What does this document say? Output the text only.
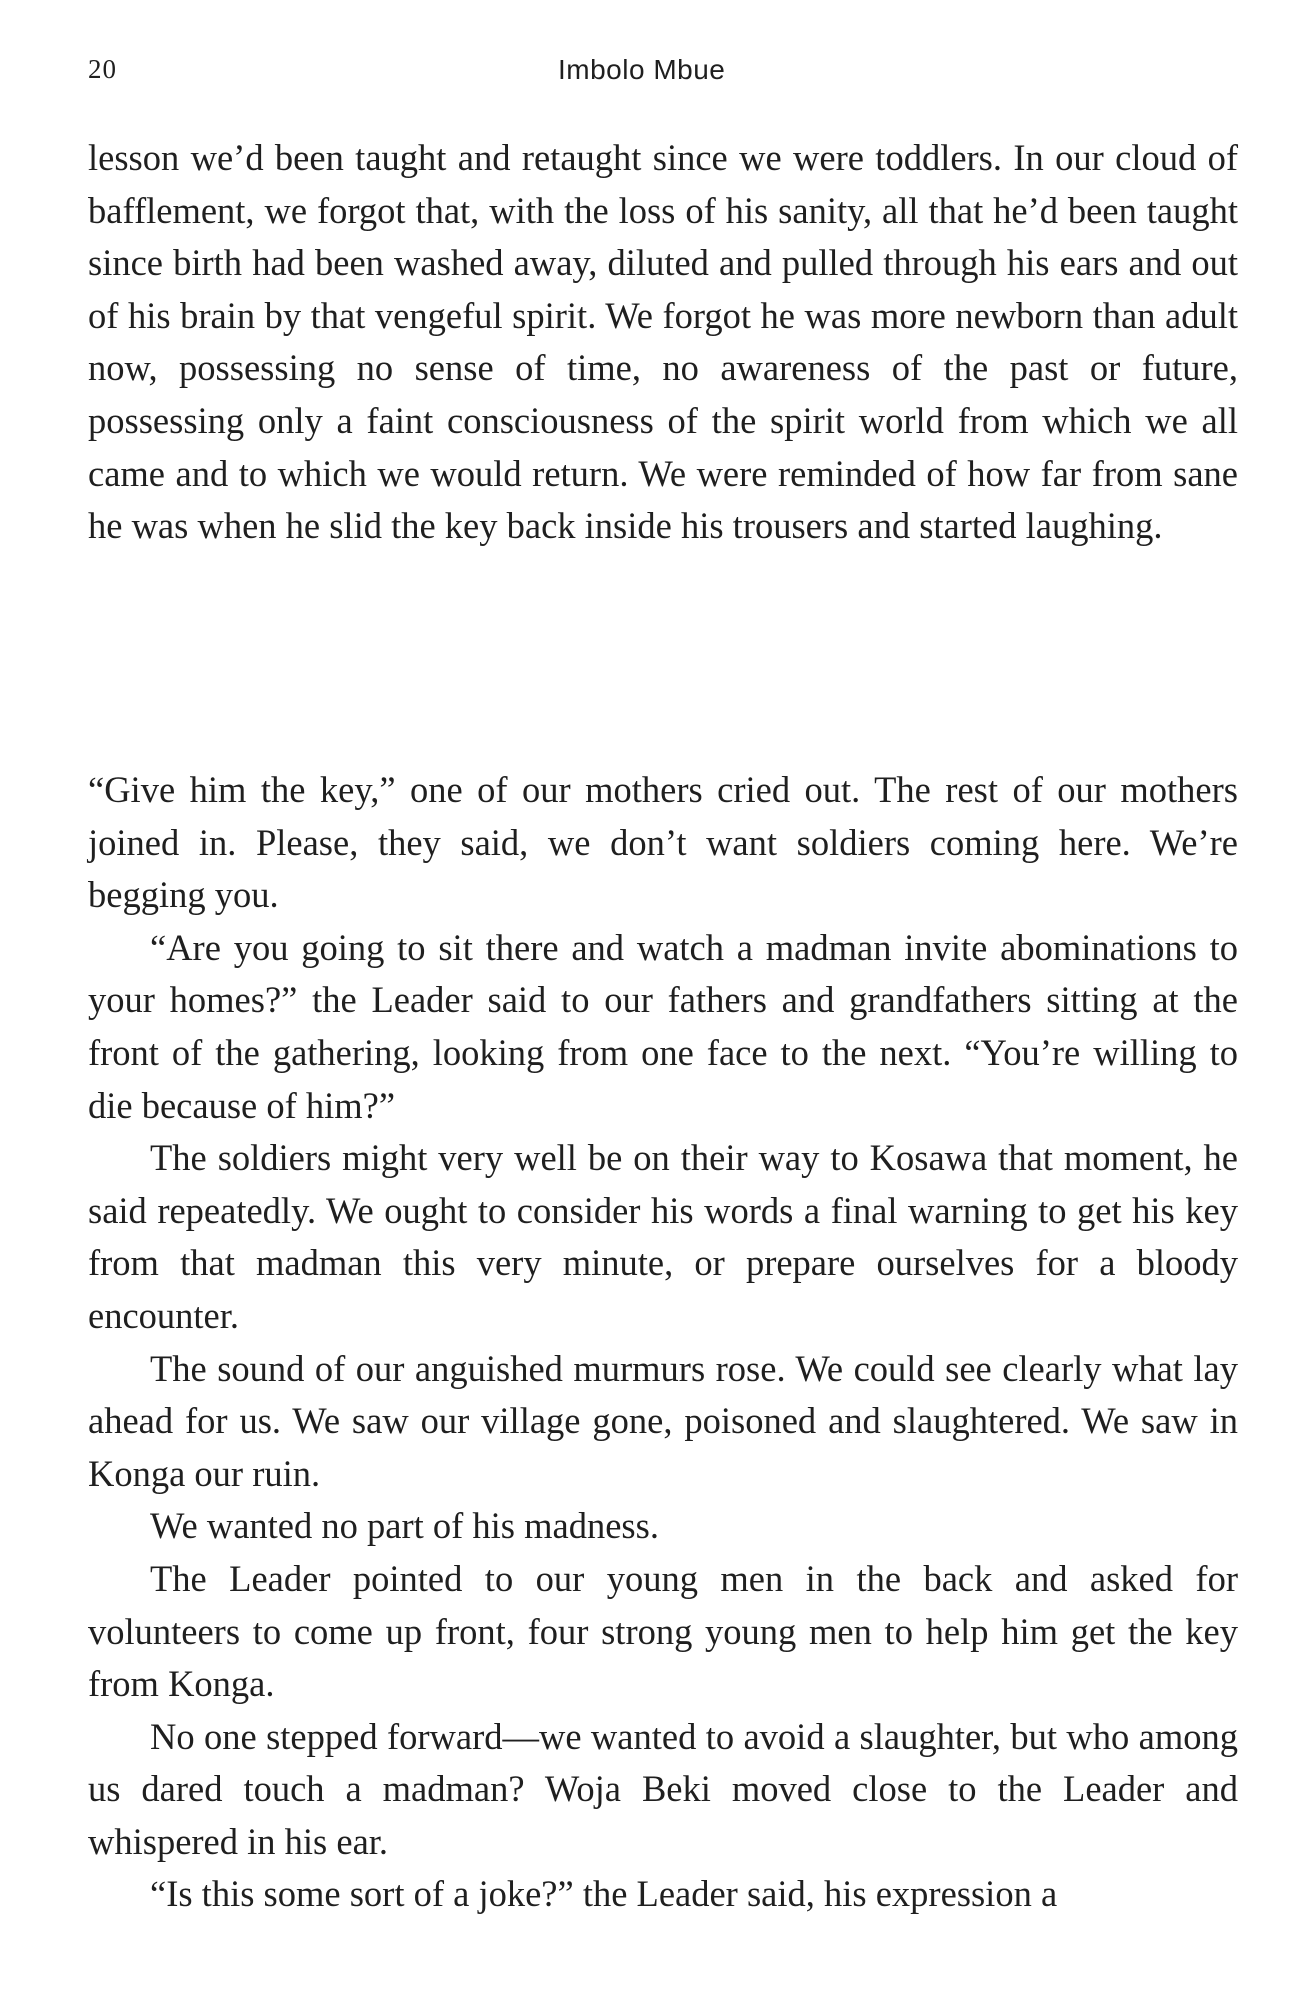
20	Imbolo Mbue

lesson we’d been taught and retaught since we were toddlers. In our cloud of bafflement, we forgot that, with the loss of his sanity, all that he’d been taught since birth had been washed away, diluted and pulled through his ears and out of his brain by that vengeful spirit. We forgot he was more newborn than adult now, possessing no sense of time, no awareness of the past or future, possessing only a faint consciousness of the spirit world from which we all came and to which we would return. We were reminded of how far from sane he was when he slid the key back inside his trousers and started laughing.

“Give him the key,” one of our mothers cried out. The rest of our mothers joined in. Please, they said, we don’t want soldiers coming here. We’re begging you.

“Are you going to sit there and watch a madman invite abominations to your homes?” the Leader said to our fathers and grandfathers sitting at the front of the gathering, looking from one face to the next. “You’re willing to die because of him?”

The soldiers might very well be on their way to Kosawa that moment, he said repeatedly. We ought to consider his words a final warning to get his key from that madman this very minute, or prepare ourselves for a bloody encounter.

The sound of our anguished murmurs rose. We could see clearly what lay ahead for us. We saw our village gone, poisoned and slaughtered. We saw in Konga our ruin.

We wanted no part of his madness.

The Leader pointed to our young men in the back and asked for volunteers to come up front, four strong young men to help him get the key from Konga.

No one stepped forward—we wanted to avoid a slaughter, but who among us dared touch a madman? Woja Beki moved close to the Leader and whispered in his ear.

“Is this some sort of a joke?” the Leader said, his expression a
